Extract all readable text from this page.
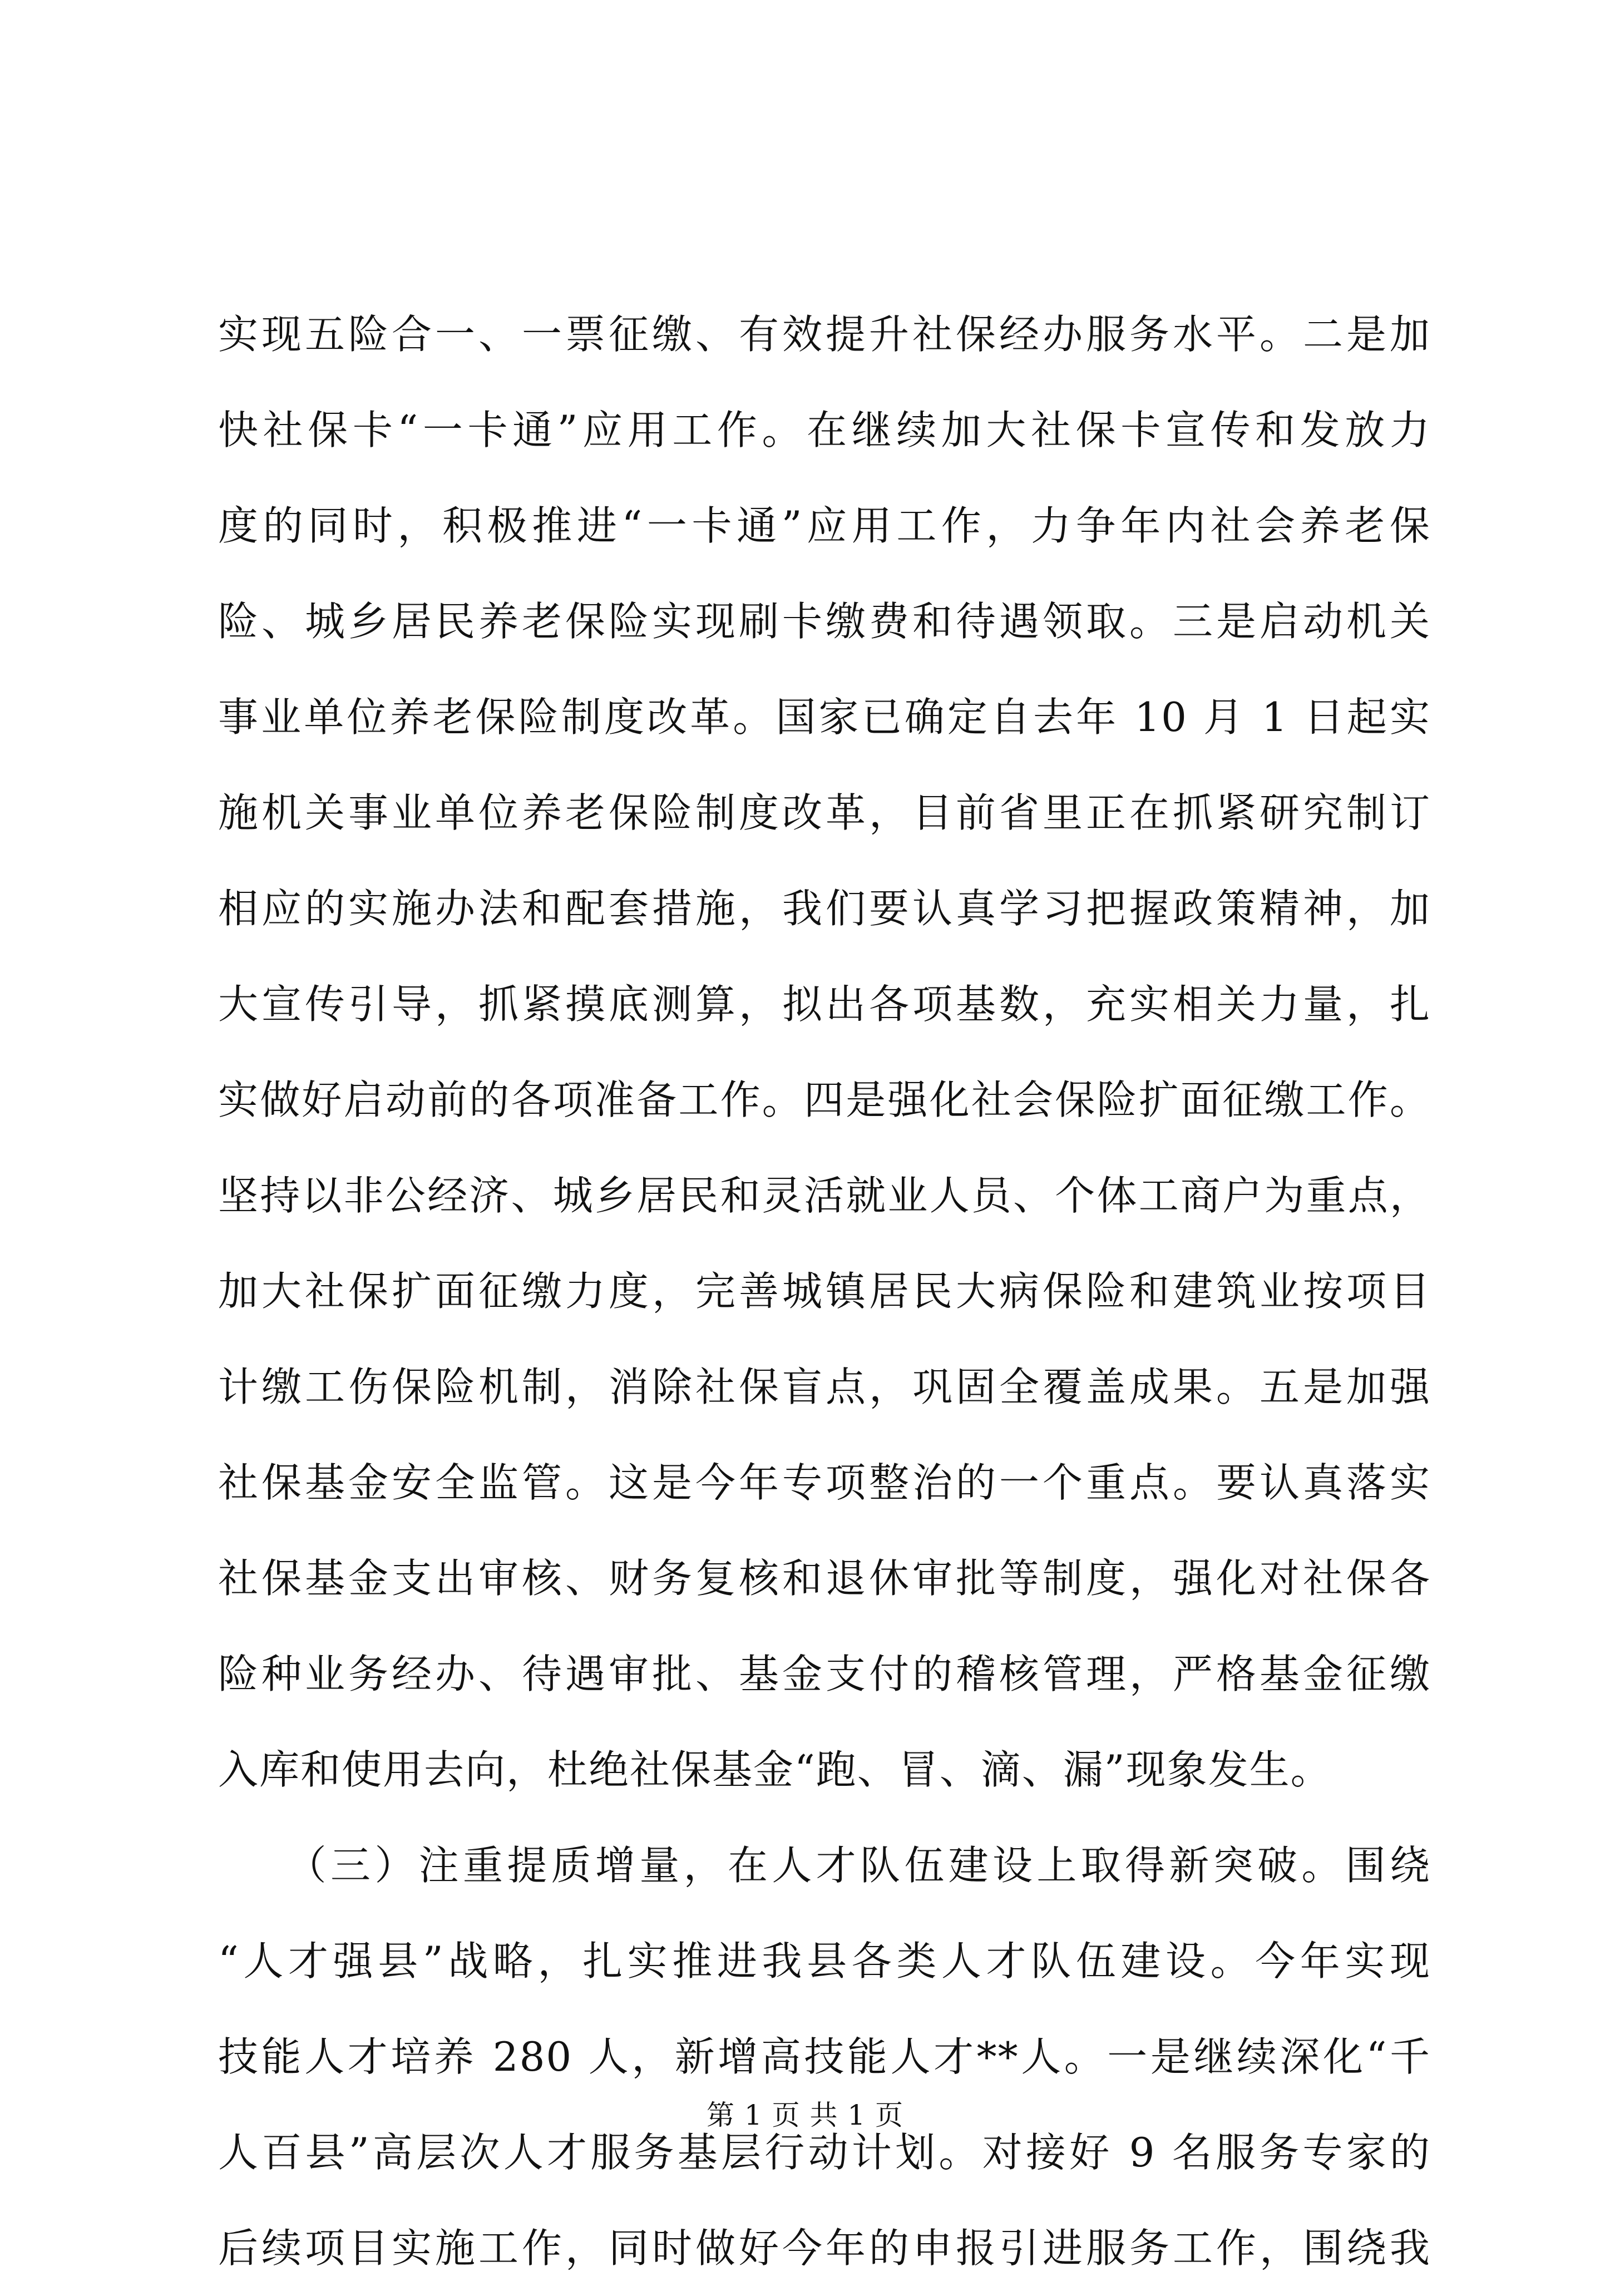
实现五险合一、一票征缴、有效提升社保经办服务水平。二是加
快社保卡“一卡通”应用工作。在继续加大社保卡宣传和发放力
度的同时，积极推进“一卡通”应用工作，力争年内社会养老保
险、城乡居民养老保险实现刷卡缴费和待遇领取。三是启动机关
事业单位养老保险制度改革。国家已确定自去年 10 月 1 日起实
施机关事业单位养老保险制度改革，目前省里正在抓紧研究制订
相应的实施办法和配套措施，我们要认真学习把握政策精神，加
大宣传引导，抓紧摸底测算，拟出各项基数，充实相关力量，扎
实做好启动前的各项准备工作。四是强化社会保险扩面征缴工作。
坚持以非公经济、城乡居民和灵活就业人员、个体工商户为重点，
加大社保扩面征缴力度，完善城镇居民大病保险和建筑业按项目
计缴工伤保险机制，消除社保盲点，巩固全覆盖成果。五是加强
社保基金安全监管。这是今年专项整治的一个重点。要认真落实
社保基金支出审核、财务复核和退休审批等制度，强化对社保各
险种业务经办、待遇审批、基金支付的稽核管理，严格基金征缴
入库和使用去向，杜绝社保基金“跑、冒、滴、漏”现象发生。
　　（三）注重提质增量，在人才队伍建设上取得新突破。围绕
“人才强县”战略，扎实推进我县各类人才队伍建设。今年实现
技能人才培养 280 人，新增高技能人才**人。一是继续深化“千
人百县”高层次人才服务基层行动计划。对接好 9 名服务专家的
后续项目实施工作，同时做好今年的申报引进服务工作，围绕我
第 1 页 共 1 页
